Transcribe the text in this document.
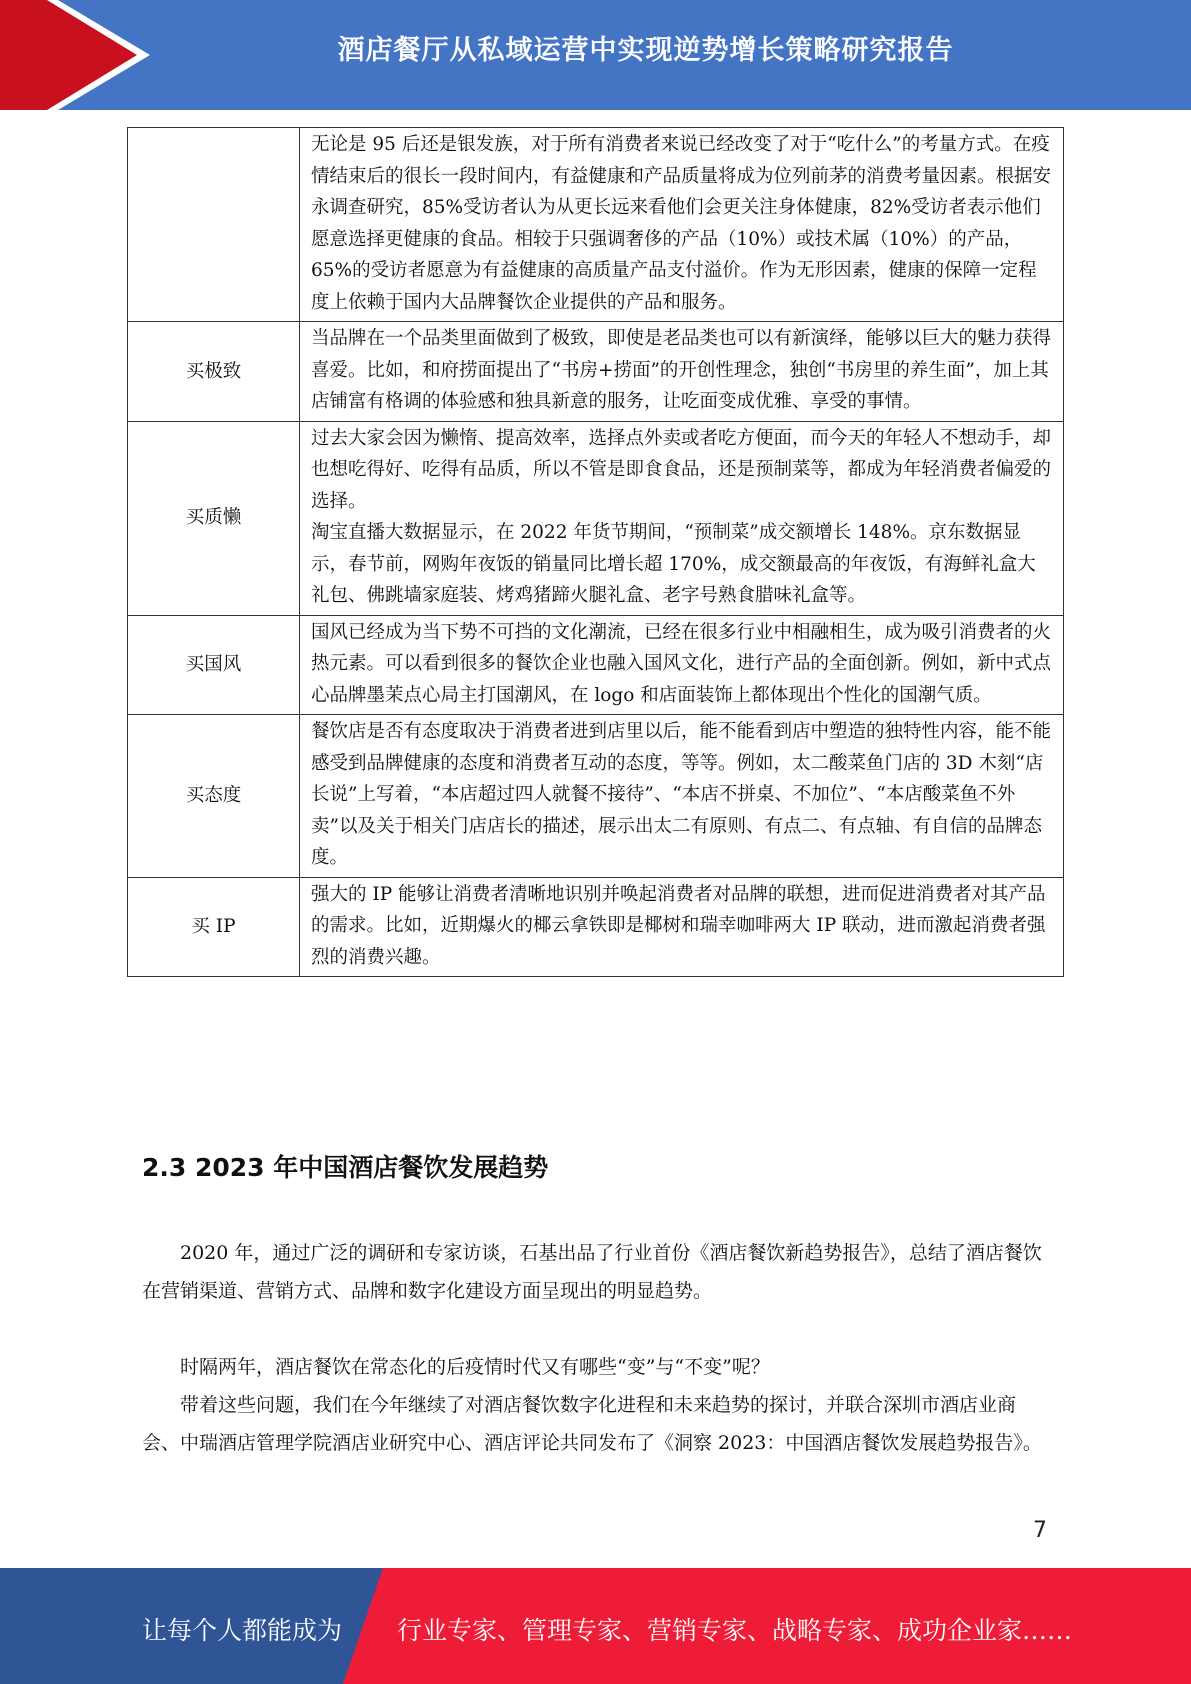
酒店餐厅从私域运营中实现逆势增长策略研究报告

	无论是 95 后还是银发族，对于所有消费者来说已经改变了对于“吃什么”的考量方式。在疫情结束后的很长一段时间内，有益健康和产品质量将成为位列前茅的消费考量因素。根据安永调查研究，85%受访者认为从更长远来看他们会更关注身体健康，82%受访者表示他们愿意选择更健康的食品。相较于只强调奢侈的产品（10%）或技术属（10%）的产品，65%的受访者愿意为有益健康的高质量产品支付溢价。作为无形因素，健康的保障一定程度上依赖于国内大品牌餐饮企业提供的产品和服务。

买极致	当品牌在一个品类里面做到了极致，即使是老品类也可以有新演绎，能够以巨大的魅力获得喜爱。比如，和府捞面提出了“书房+捞面”的开创性理念，独创“书房里的养生面”，加上其店铺富有格调的体验感和独具新意的服务，让吃面变成优雅、享受的事情。

买质懒	过去大家会因为懒惰、提高效率，选择点外卖或者吃方便面，而今天的年轻人不想动手，却也想吃得好、吃得有品质，所以不管是即食食品，还是预制菜等，都成为年轻消费者偏爱的选择。
淘宝直播大数据显示，在 2022 年货节期间，“预制菜”成交额增长 148%。京东数据显示，春节前，网购年夜饭的销量同比增长超 170%，成交额最高的年夜饭，有海鲜礼盒大礼包、佛跳墙家庭装、烤鸡猪蹄火腿礼盒、老字号熟食腊味礼盒等。

买国风	国风已经成为当下势不可挡的文化潮流，已经在很多行业中相融相生，成为吸引消费者的火热元素。可以看到很多的餐饮企业也融入国风文化，进行产品的全面创新。例如，新中式点心品牌墨茉点心局主打国潮风，在 logo 和店面装饰上都体现出个性化的国潮气质。

买态度	餐饮店是否有态度取决于消费者进到店里以后，能不能看到店中塑造的独特性内容，能不能感受到品牌健康的态度和消费者互动的态度，等等。例如，太二酸菜鱼门店的 3D 木刻“店长说”上写着，“本店超过四人就餐不接待”、“本店不拼桌、不加位”、“本店酸菜鱼不外卖”以及关于相关门店店长的描述，展示出太二有原则、有点二、有点轴、有自信的品牌态度。

买 IP	强大的 IP 能够让消费者清晰地识别并唤起消费者对品牌的联想，进而促进消费者对其产品的需求。比如，近期爆火的椰云拿铁即是椰树和瑞幸咖啡两大 IP 联动，进而激起消费者强烈的消费兴趣。
2.3 2023 年中国酒店餐饮发展趋势

2020 年，通过广泛的调研和专家访谈，石基出品了行业首份《酒店餐饮新趋势报告》，总结了酒店餐饮在营销渠道、营销方式、品牌和数字化建设方面呈现出的明显趋势。

时隔两年，酒店餐饮在常态化的后疫情时代又有哪些“变”与“不变”呢？

带着这些问题，我们在今年继续了对酒店餐饮数字化进程和未来趋势的探讨，并联合深圳市酒店业商会、中瑞酒店管理学院酒店业研究中心、酒店评论共同发布了《洞察 2023：中国酒店餐饮发展趋势报告》。

7
让每个人都能成为 行业专家、管理专家、营销专家、战略专家、成功企业家……
